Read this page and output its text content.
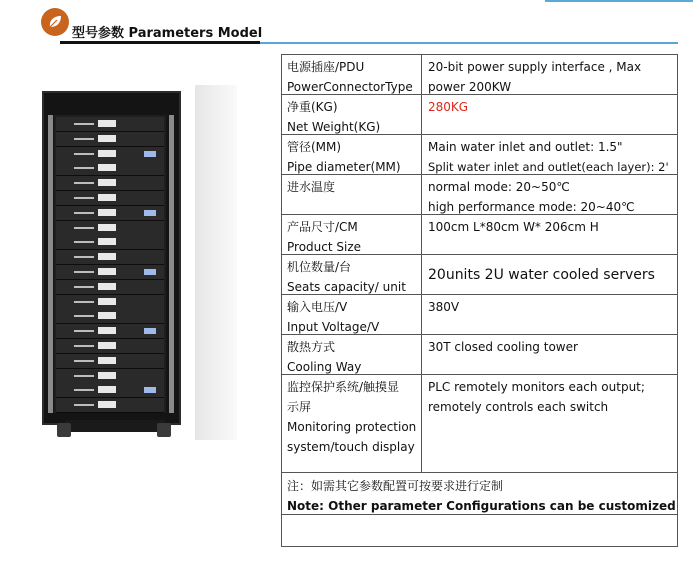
型号参数 Parameters Model
电源插座/PDU
PowerConnectorType
20-bit power supply interface , Max
power 200KW
净重(KG)
Net Weight(KG)
280KG
管径(MM)
Pipe diameter(MM)
Main water inlet and outlet: 1.5"
Split water inlet and outlet(each layer): 2'
进水温度	normal mode: 20~50℃
high performance mode: 20~40℃
产品尺寸/CM
Product Size
100cm L*80cm W* 206cm H
机位数量/台
Seats capacity/ unit
20units 2U water cooled servers
输入电压/V
Input Voltage/V
380V
散热方式
Cooling Way
30T closed cooling tower
监控保护系统/触摸显
示屏
Monitoring protection
system/touch display
PLC remotely monitors each output;
remotely controls each switch
注：如需其它参数配置可按要求进行定制
Note: Other parameter Configurations can be customized
